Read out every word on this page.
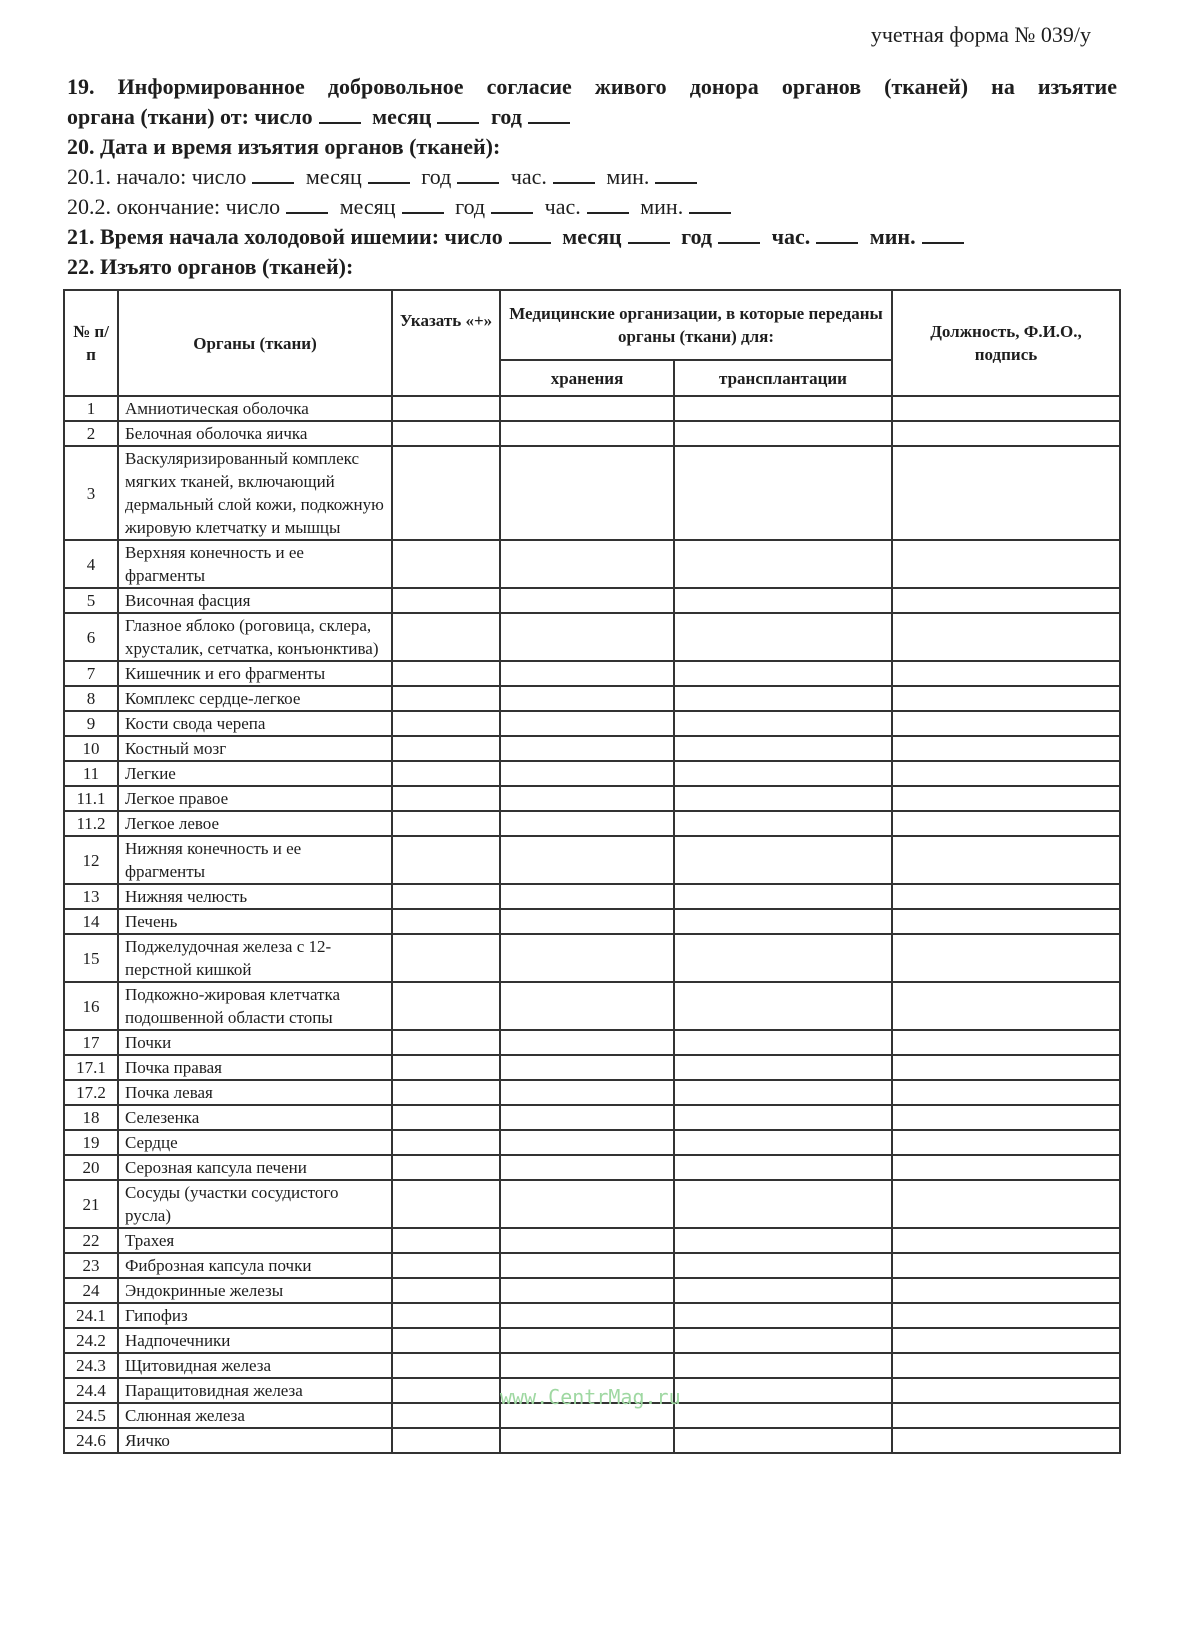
учетная форма № 039/у
19. Информированное добровольное согласие живого донора органов (тканей) на изъятие
органа (ткани) от: число	месяц	год
20. Дата и время изъятия органов (тканей):
20.1. начало: число	месяц	год	час.	мин.
20.2. окончание: число	месяц	год	час.	мин.
21. Время начала холодовой ишемии: число	месяц	год	час.	мин.
22. Изъято органов (тканей):
№ п/п	Органы (ткани)	Указать «+»	Медицинские организации, в которые переданы органы (ткани) для:		Должность, Ф.И.О., подпись
			хранения	трансплантации	
1	Амниотическая оболочка				
2	Белочная оболочка яичка				
3	Васкуляризированный комплекс мягких тканей, включающий дермальный слой кожи, подкожную жировую клетчатку и мышцы				
4	Верхняя конечность и ее фрагменты				
5	Височная фасция				
6	Глазное яблоко (роговица, склера, хрусталик, сетчатка, конъюнктива)				
7	Кишечник и его фрагменты				
8	Комплекс сердце-легкое				
9	Кости свода черепа				
10	Костный мозг				
11	Легкие				
11.1	Легкое правое				
11.2	Легкое левое				
12	Нижняя конечность и ее фрагменты				
13	Нижняя челюсть				
14	Печень				
15	Поджелудочная железа с 12-перстной кишкой				
16	Подкожно-жировая клетчатка подошвенной области стопы				
17	Почки				
17.1	Почка правая				
17.2	Почка левая				
18	Селезенка				
19	Сердце				
20	Серозная капсула печени				
21	Сосуды (участки сосудистого русла)				
22	Трахея				
23	Фиброзная капсула почки				
24	Эндокринные железы				
24.1	Гипофиз				
24.2	Надпочечники				
24.3	Щитовидная железа				
24.4	Паращитовидная железа				
24.5	Слюнная железа				
24.6	Яичко				
www.CentrMag.ru
